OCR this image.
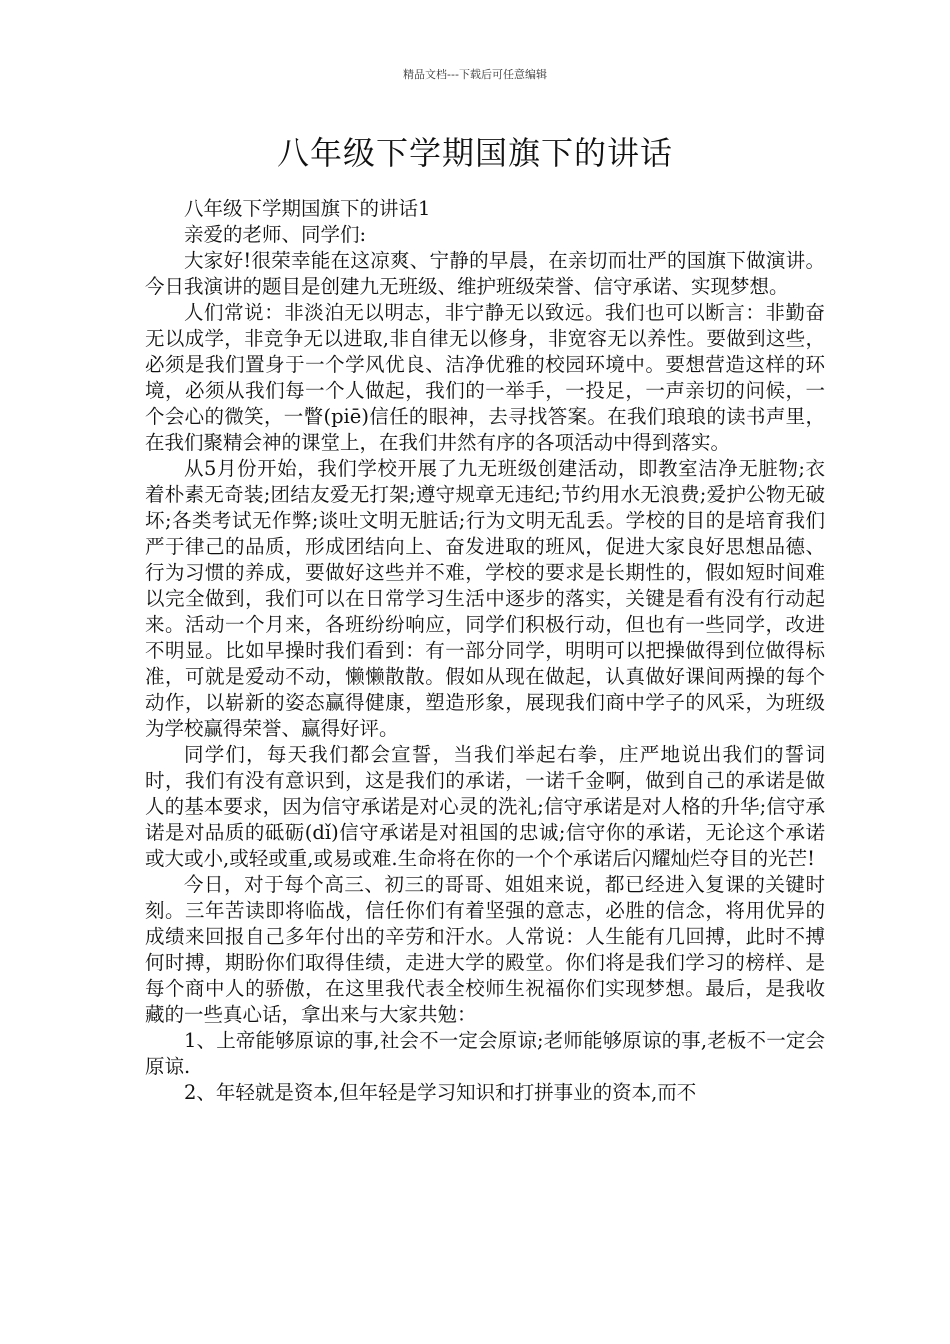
精品文档---下载后可任意编辑
八年级下学期国旗下的讲话

八年级下学期国旗下的讲话1

亲爱的老师、同学们:

大家好!很荣幸能在这凉爽、宁静的早晨，在亲切而壮严的国旗下做演讲。今日我演讲的题目是创建九无班级、维护班级荣誉、信守承诺、实现梦想。

人们常说：非淡泊无以明志，非宁静无以致远。我们也可以断言：非勤奋无以成学，非竞争无以进取,非自律无以修身，非宽容无以养性。要做到这些，必须是我们置身于一个学风优良、洁净优雅的校园环境中。要想营造这样的环境，必须从我们每一个人做起，我们的一举手，一投足，一声亲切的问候，一个会心的微笑，一瞥(piē)信任的眼神，去寻找答案。在我们琅琅的读书声里，在我们聚精会神的课堂上，在我们井然有序的各项活动中得到落实。

从5月份开始，我们学校开展了九无班级创建活动，即教室洁净无脏物;衣着朴素无奇装;团结友爱无打架;遵守规章无违纪;节约用水无浪费;爱护公物无破坏;各类考试无作弊;谈吐文明无脏话;行为文明无乱丢。学校的目的是培育我们严于律己的品质，形成团结向上、奋发进取的班风，促进大家良好思想品德、行为习惯的养成，要做好这些并不难，学校的要求是长期性的，假如短时间难以完全做到，我们可以在日常学习生活中逐步的落实，关键是看有没有行动起来。活动一个月来，各班纷纷响应，同学们积极行动，但也有一些同学，改进不明显。比如早操时我们看到：有一部分同学，明明可以把操做得到位做得标准，可就是爱动不动，懒懒散散。假如从现在做起，认真做好课间两操的每个动作，以崭新的姿态赢得健康，塑造形象，展现我们商中学子的风采，为班级为学校赢得荣誉、赢得好评。

同学们，每天我们都会宣誓，当我们举起右拳，庄严地说出我们的誓词时，我们有没有意识到，这是我们的承诺，一诺千金啊，做到自己的承诺是做人的基本要求，因为信守承诺是对心灵的洗礼;信守承诺是对人格的升华;信守承诺是对品质的砥砺(dǐ)信守承诺是对祖国的忠诚;信守你的承诺，无论这个承诺或大或小,或轻或重,或易或难.生命将在你的一个个承诺后闪耀灿烂夺目的光芒!

今日，对于每个高三、初三的哥哥、姐姐来说，都已经进入复课的关键时刻。三年苦读即将临战，信任你们有着坚强的意志，必胜的信念，将用优异的成绩来回报自己多年付出的辛劳和汗水。人常说：人生能有几回搏，此时不搏何时搏，期盼你们取得佳绩，走进大学的殿堂。你们将是我们学习的榜样、是每个商中人的骄傲，在这里我代表全校师生祝福你们实现梦想。最后，是我收藏的一些真心话，拿出来与大家共勉：

1、上帝能够原谅的事,社会不一定会原谅;老师能够原谅的事,老板不一定会原谅.

2、年轻就是资本,但年轻是学习知识和打拼事业的资本,而不
